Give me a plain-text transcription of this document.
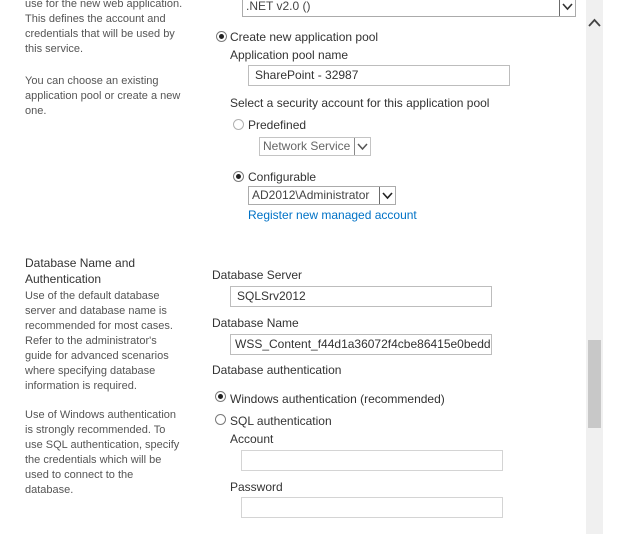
.NET v2.0 ()
use for the new web application.
This defines the account and
credentials that will be used by
this service.
You can choose an existing
application pool or create a new
one.
Create new application pool
Application pool name
SharePoint - 32987
Select a security account for this application pool
Predefined
Network Service
Configurable
AD2012\Administrator
Register new managed account
Database Name and
Authentication
Use of the default database
server and database name is
recommended for most cases.
Refer to the administrator's
guide for advanced scenarios
where specifying database
information is required.
Use of Windows authentication
is strongly recommended. To
use SQL authentication, specify
the credentials which will be
used to connect to the
database.
Database Server
SQLSrv2012
Database Name
WSS_Content_f44d1a36072f4cbe86415e0bedd
Database authentication
Windows authentication (recommended)
SQL authentication
Account
Password
